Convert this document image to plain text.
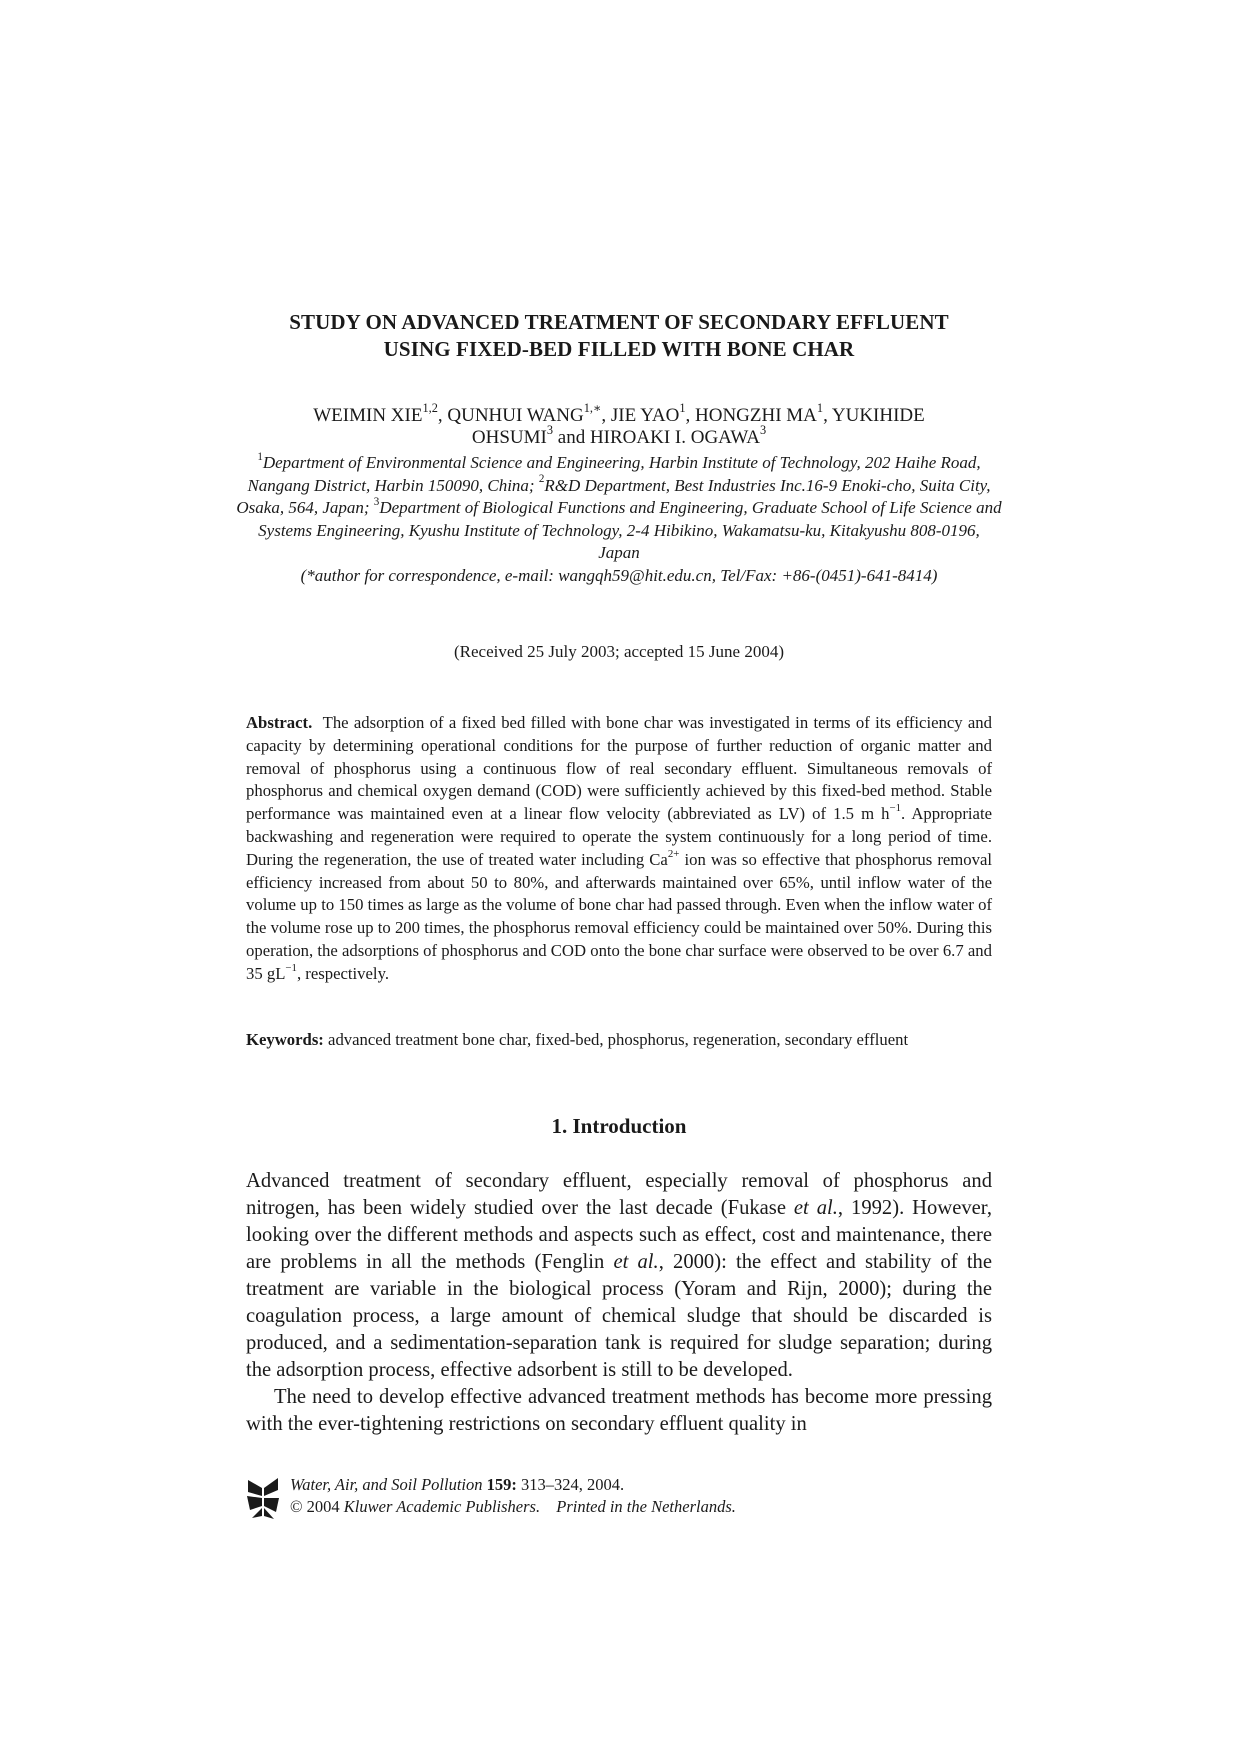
STUDY ON ADVANCED TREATMENT OF SECONDARY EFFLUENT
USING FIXED-BED FILLED WITH BONE CHAR
WEIMIN XIE$^{1,2}$, QUNHUI $WANG^{1,∗}$, JIE YAO$^1$, HONGZHI $MA^1$, YUKIHIDE
OHSUMI$^3$ and HIROAKI I. OGAWA$^3$
$^1$Department of Environmental Science and Engineering, Harbin Institute of Technology, 202 Haihe Road, Nangang District, Harbin 150090, China; $^2$R&D Department, Best Industries Inc.16-9 Enoki-cho, Suita City, Osaka, 564, Japan; $^3$Department of Biological Functions and Engineering, Graduate School of Life Science and Systems Engineering, Kyushu Institute of Technology, 2-4 Hibikino, Wakamatsu-ku, Kitakyushu 808-0196, Japan
(*author for correspondence, e-mail: wangqh59@hit.edu.cn, Tel/Fax: +86-(0451)-641-8414)
(Received 25 July 2003; accepted 15 June 2004)
Abstract. The adsorption of a fixed bed filled with bone char was investigated in terms of its efficiency and capacity by determining operational conditions for the purpose of further reduction of organic matter and removal of phosphorus using a continuous flow of real secondary effluent. Simultaneous removals of phosphorus and chemical oxygen demand (COD) were sufficiently achieved by this fixed-bed method. Stable performance was maintained even at a linear flow velocity (abbreviated as LV) of 1.5 m $h^{-1}$. Appropriate backwashing and regeneration were required to operate the system continuously for a long period of time. During the regeneration, the use of treated water including $Ca^{2+}$ ion was so effective that phosphorus removal efficiency increased from about 50 to 80%, and afterwards maintained over 65%, until inflow water of the volume up to 150 times as large as the volume of bone char had passed through. Even when the inflow water of the volume rose up to 200 times, the phosphorus removal efficiency could be maintained over 50%. During this operation, the adsorptions of phosphorus and COD onto the bone char surface were observed to be over 6.7 and 35 $gL^{-1}$, respectively.
Keywords: advanced treatment bone char, fixed-bed, phosphorus, regeneration, secondary effluent
1. Introduction

Advanced treatment of secondary effluent, especially removal of phosphorus and nitrogen, has been widely studied over the last decade (Fukase et al., 1992). However, looking over the different methods and aspects such as effect, cost and maintenance, there are problems in all the methods (Fenglin et al., 2000): the effect and stability of the treatment are variable in the biological process (Yoram and Rijn, 2000); during the coagulation process, a large amount of chemical sludge that should be discarded is produced, and a sedimentation-separation tank is required for sludge separation; during the adsorption process, effective adsorbent is still to be developed.

The need to develop effective advanced treatment methods has become more pressing with the ever-tightening restrictions on secondary effluent quality in

Water, Air, and Soil Pollution 159: 313–324, 2004.
© 2004 Kluwer Academic Publishers. Printed in the Netherlands.
